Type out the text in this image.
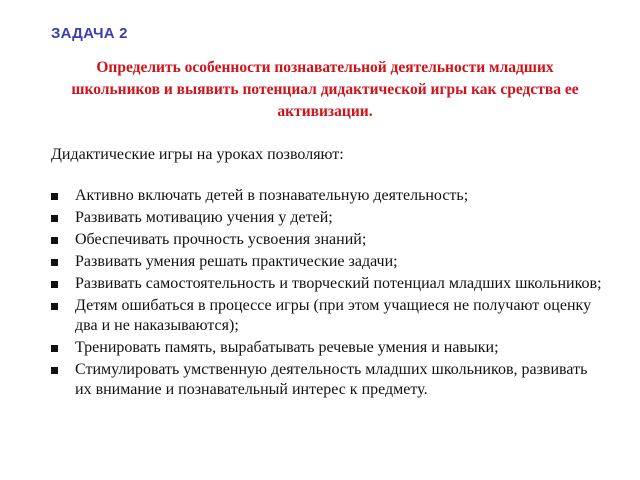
ЗАДАЧА 2
Определить особенности познавательной деятельности младших школьников и выявить потенциал дидактической игры как средства ее активизации.
Дидактические игры на уроках позволяют:
Активно включать детей в познавательную деятельность;
Развивать мотивацию учения у детей;
Обеспечивать прочность усвоения знаний;
Развивать умения решать практические задачи;
Развивать самостоятельность и творческий потенциал младших школьников;
Детям ошибаться в процессе игры (при этом учащиеся не получают оценку два и не наказываются);
Тренировать память, вырабатывать речевые умения и навыки;
Стимулировать умственную деятельность младших школьников, развивать их внимание и познавательный интерес к предмету.
